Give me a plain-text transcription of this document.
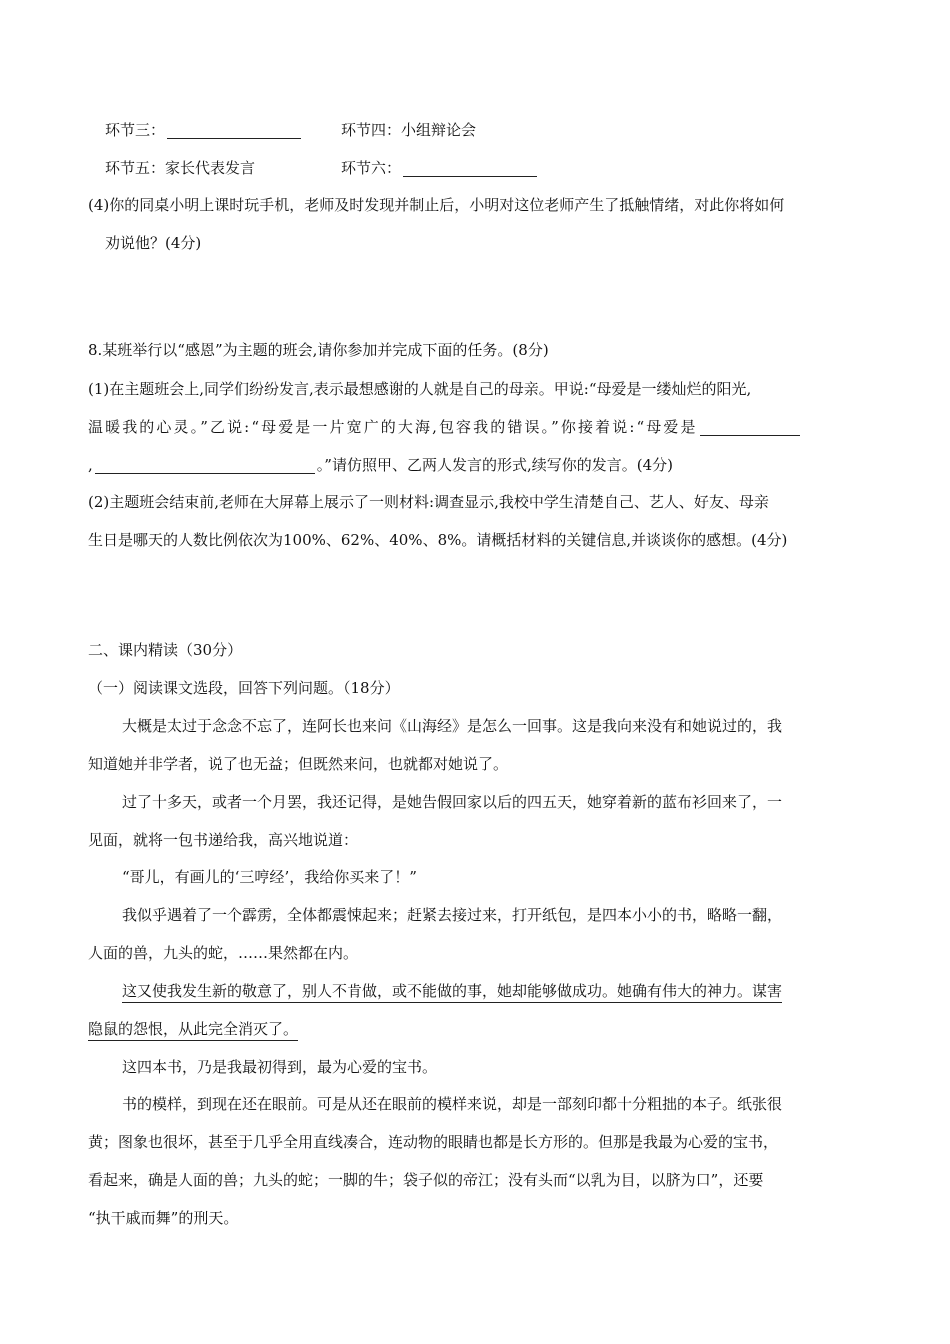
环节三：	环节四：小组辩论会
环节五：家长代表发言	环节六：
(4)你的同桌小明上课时玩手机，老师及时发现并制止后，小明对这位老师产生了抵触情绪，对此你将如何
劝说他？(4分)
8.某班举行以“感恩”为主题的班会,请你参加并完成下面的任务。(8分)
(1)在主题班会上,同学们纷纷发言,表示最想感谢的人就是自己的母亲。甲说:“母爱是一缕灿烂的阳光,
温暖我的心灵。”乙说:“母爱是一片宽广的大海,包容我的错误。”你接着说:“母爱是
,	。”请仿照甲、乙两人发言的形式,续写你的发言。(4分)
(2)主题班会结束前,老师在大屏幕上展示了一则材料:调查显示,我校中学生清楚自己、艺人、好友、母亲
生日是哪天的人数比例依次为100%、62%、40%、8%。请概括材料的关键信息,并谈谈你的感想。(4分)
二、课内精读（30分）
（一）阅读课文选段，回答下列问题。（18分）
大概是太过于念念不忘了，连阿长也来问《山海经》是怎么一回事。这是我向来没有和她说过的，我
知道她并非学者，说了也无益；但既然来问，也就都对她说了。
过了十多天，或者一个月罢，我还记得，是她告假回家以后的四五天，她穿着新的蓝布衫回来了，一
见面，就将一包书递给我，高兴地说道：
“哥儿，有画儿的‘三哼经’，我给你买来了！”
我似乎遇着了一个霹雳，全体都震悚起来；赶紧去接过来，打开纸包，是四本小小的书，略略一翻，
人面的兽，九头的蛇，……果然都在内。
这又使我发生新的敬意了，别人不肯做，或不能做的事，她却能够做成功。她确有伟大的神力。谋害
隐鼠的怨恨，从此完全消灭了。
这四本书，乃是我最初得到，最为心爱的宝书。
书的模样，到现在还在眼前。可是从还在眼前的模样来说，却是一部刻印都十分粗拙的本子。纸张很
黄；图象也很坏，甚至于几乎全用直线凑合，连动物的眼睛也都是长方形的。但那是我最为心爱的宝书，
看起来，确是人面的兽；九头的蛇；一脚的牛；袋子似的帝江；没有头而“以乳为目，以脐为口”，还要
“执干戚而舞”的刑天。
